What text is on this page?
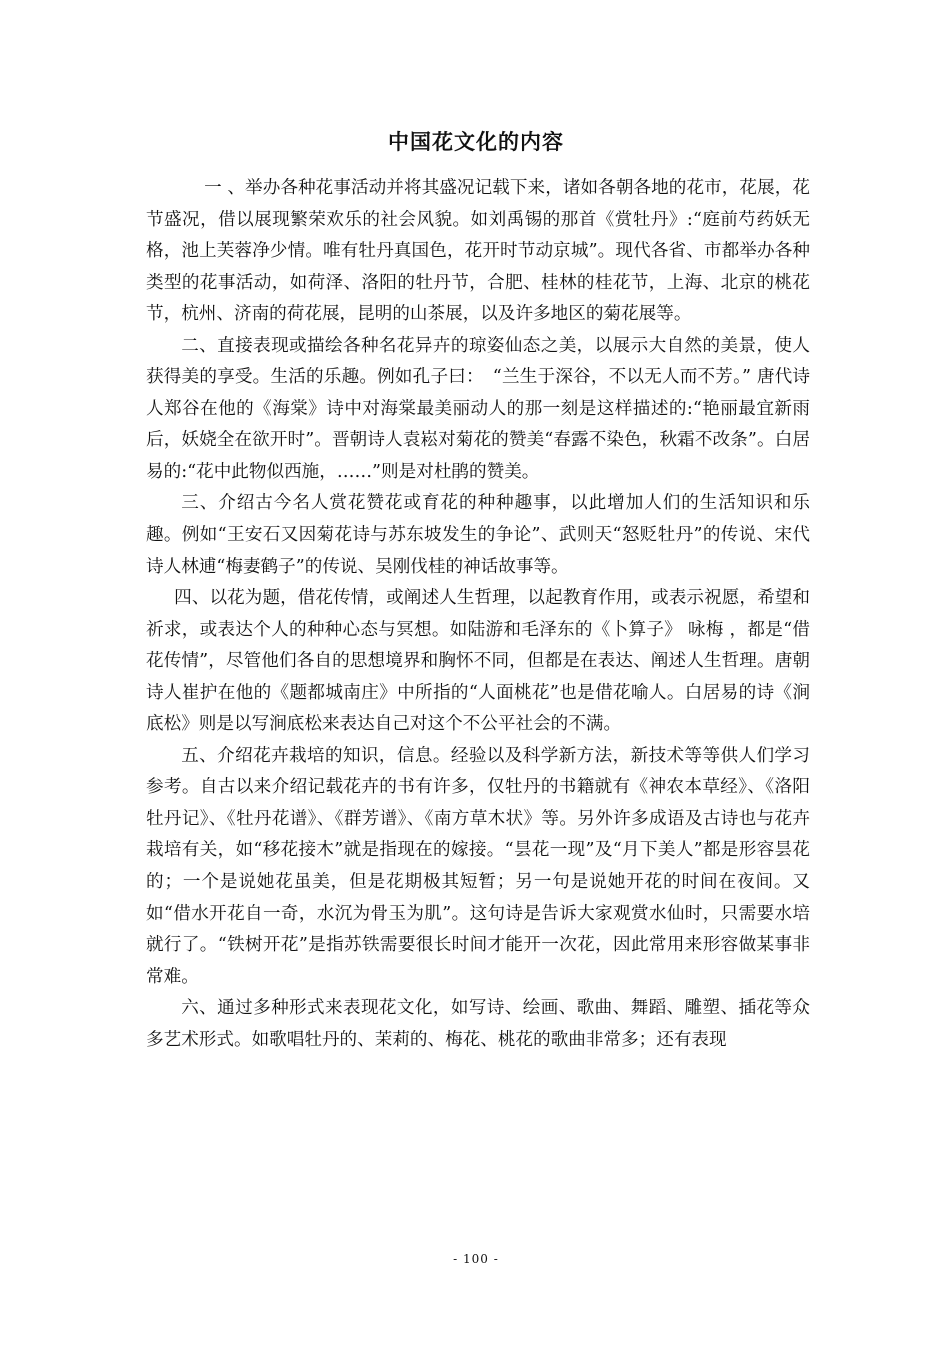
中国花文化的内容

一 、举办各种花事活动并将其盛况记载下来，诸如各朝各地的花市，花展，花节盛况，借以展现繁荣欢乐的社会风貌。如刘禹锡的那首《赏牡丹》:“庭前芍药妖无格，池上芙蓉净少情。唯有牡丹真国色，花开时节动京城”。现代各省、市都举办各种类型的花事活动，如荷泽、洛阳的牡丹节，合肥、桂林的桂花节，上海、北京的桃花节，杭州、济南的荷花展，昆明的山茶展，以及许多地区的菊花展等。

二、直接表现或描绘各种名花异卉的琼姿仙态之美，以展示大自然的美景，使人获得美的享受。生活的乐趣。例如孔子曰：　“兰生于深谷，不以无人而不芳。” 唐代诗人郑谷在他的《海棠》诗中对海棠最美丽动人的那一刻是这样描述的:“艳丽最宜新雨后，妖娆全在欲开时”。晋朝诗人袁崧对菊花的赞美“春露不染色，秋霜不改条”。白居易的:“花中此物似西施，……”则是对杜鹃的赞美。

三、介绍古今名人赏花赞花或育花的种种趣事，以此增加人们的生活知识和乐趣。例如“王安石又因菊花诗与苏东坡发生的争论”、武则天“怒贬牡丹”的传说、宋代诗人林逋“梅妻鹤子”的传说、吴刚伐桂的神话故事等。

四、以花为题，借花传情，或阐述人生哲理，以起教育作用，或表示祝愿，希望和祈求，或表达个人的种种心态与冥想。如陆游和毛泽东的《卜算子》 咏梅 ，都是“借花传情”，尽管他们各自的思想境界和胸怀不同，但都是在表达、阐述人生哲理。唐朝诗人崔护在他的《题都城南庄》中所指的“人面桃花”也是借花喻人。白居易的诗《涧底松》则是以写涧底松来表达自己对这个不公平社会的不满。

五、介绍花卉栽培的知识，信息。经验以及科学新方法，新技术等等供人们学习参考。自古以来介绍记载花卉的书有许多，仅牡丹的书籍就有《神农本草经》、《洛阳牡丹记》、《牡丹花谱》、《群芳谱》、《南方草木状》等。另外许多成语及古诗也与花卉栽培有关，如“移花接木”就是指现在的嫁接。“昙花一现”及“月下美人”都是形容昙花的；一个是说她花虽美，但是花期极其短暂；另一句是说她开花的时间在夜间。又如“借水开花自一奇，水沉为骨玉为肌”。这句诗是告诉大家观赏水仙时，只需要水培就行了。“铁树开花”是指苏铁需要很长时间才能开一次花，因此常用来形容做某事非常难。

六、通过多种形式来表现花文化，如写诗、绘画、歌曲、舞蹈、雕塑、插花等众多艺术形式。如歌唱牡丹的、茉莉的、梅花、桃花的歌曲非常多；还有表现

- 100 -
